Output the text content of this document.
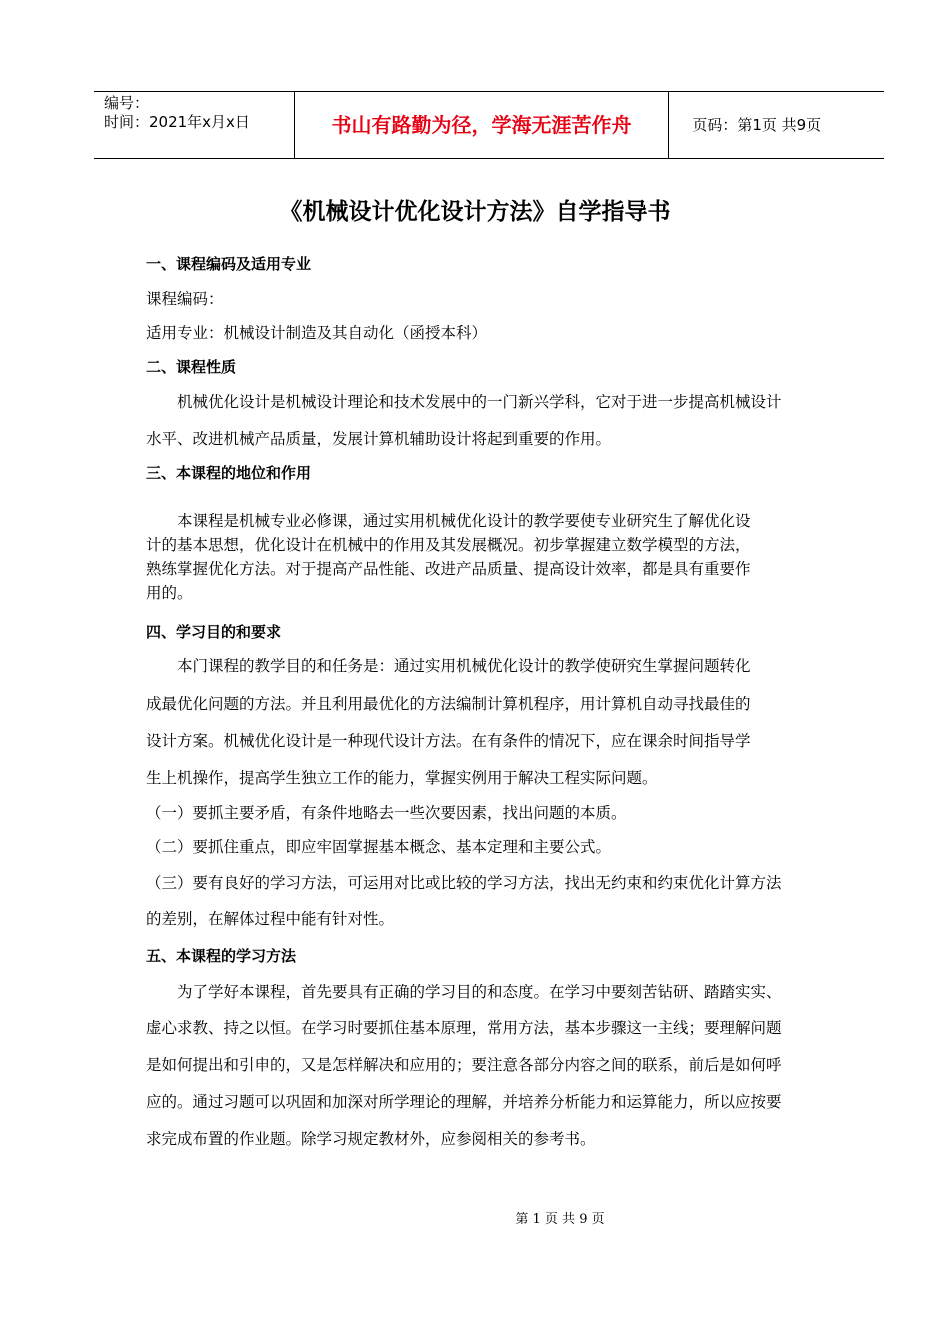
编号：
时间：2021年x月x日	书山有路勤为径，学海无涯苦作舟	页码：第1页 共9页
《机械设计优化设计方法》自学指导书
一、课程编码及适用专业
课程编码：
适用专业：机械设计制造及其自动化（函授本科）
二、课程性质
　　机械优化设计是机械设计理论和技术发展中的一门新兴学科，它对于进一步提高机械设计
水平、改进机械产品质量，发展计算机辅助设计将起到重要的作用。
三、本课程的地位和作用
　　本课程是机械专业必修课，通过实用机械优化设计的教学要使专业研究生了解优化设
计的基本思想，优化设计在机械中的作用及其发展概况。初步掌握建立数学模型的方法，
熟练掌握优化方法。对于提高产品性能、改进产品质量、提高设计效率，都是具有重要作
用的。
四、学习目的和要求
　　本门课程的教学目的和任务是：通过实用机械优化设计的教学使研究生掌握问题转化
成最优化问题的方法。并且利用最优化的方法编制计算机程序，用计算机自动寻找最佳的
设计方案。机械优化设计是一种现代设计方法。在有条件的情况下，应在课余时间指导学
生上机操作，提高学生独立工作的能力，掌握实例用于解决工程实际问题。
（一）要抓主要矛盾，有条件地略去一些次要因素，找出问题的本质。
（二）要抓住重点，即应牢固掌握基本概念、基本定理和主要公式。
（三）要有良好的学习方法，可运用对比或比较的学习方法，找出无约束和约束优化计算方法
的差别，在解体过程中能有针对性。
五、本课程的学习方法
　　为了学好本课程，首先要具有正确的学习目的和态度。在学习中要刻苦钻研、踏踏实实、
虚心求教、持之以恒。在学习时要抓住基本原理，常用方法，基本步骤这一主线；要理解问题
是如何提出和引申的，又是怎样解决和应用的；要注意各部分内容之间的联系，前后是如何呼
应的。通过习题可以巩固和加深对所学理论的理解，并培养分析能力和运算能力，所以应按要
求完成布置的作业题。除学习规定教材外，应参阅相关的参考书。
第 1 页 共 9 页
